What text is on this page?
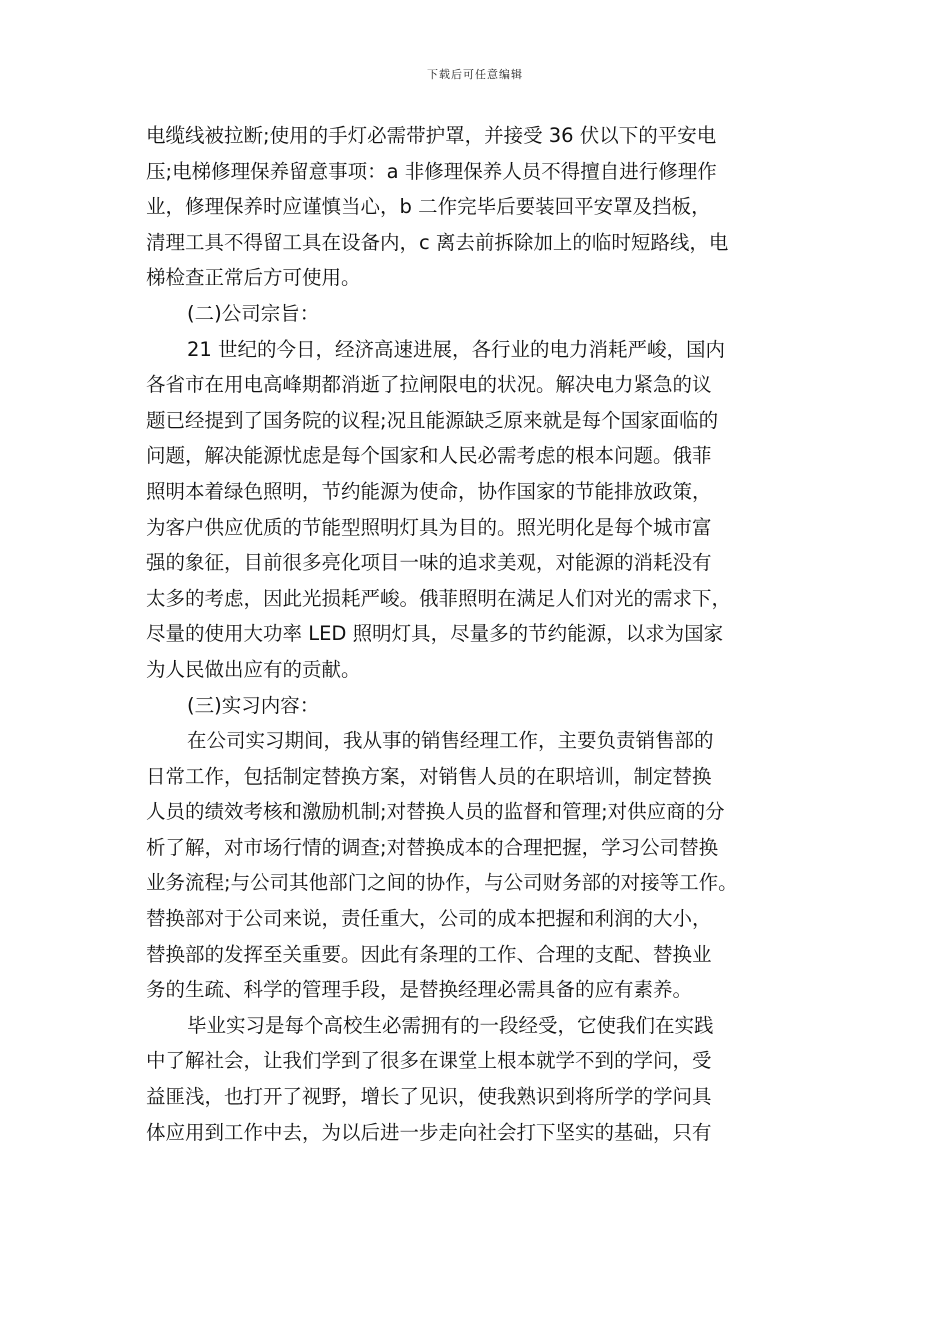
下载后可任意编辑
电缆线被拉断;使用的手灯必需带护罩，并接受 36 伏以下的平安电
压;电梯修理保养留意事项：a 非修理保养人员不得擅自进行修理作
业，修理保养时应谨慎当心，b 二作完毕后要装回平安罩及挡板，
清理工具不得留工具在设备内，c 离去前拆除加上的临时短路线，电
梯检查正常后方可使用。
(二)公司宗旨：
21 世纪的今日，经济高速进展，各行业的电力消耗严峻，国内
各省市在用电高峰期都消逝了拉闸限电的状况。解决电力紧急的议
题已经提到了国务院的议程;况且能源缺乏原来就是每个国家面临的
问题，解决能源忧虑是每个国家和人民必需考虑的根本问题。俄菲
照明本着绿色照明，节约能源为使命，协作国家的节能排放政策，
为客户供应优质的节能型照明灯具为目的。照光明化是每个城市富
强的象征，目前很多亮化项目一味的追求美观，对能源的消耗没有
太多的考虑，因此光损耗严峻。俄菲照明在满足人们对光的需求下，
尽量的使用大功率 LED 照明灯具，尽量多的节约能源，以求为国家
为人民做出应有的贡献。
(三)实习内容：
在公司实习期间，我从事的销售经理工作，主要负责销售部的
日常工作，包括制定替换方案，对销售人员的在职培训，制定替换
人员的绩效考核和激励机制;对替换人员的监督和管理;对供应商的分
析了解，对市场行情的调查;对替换成本的合理把握，学习公司替换
业务流程;与公司其他部门之间的协作，与公司财务部的对接等工作。
替换部对于公司来说，责任重大，公司的成本把握和利润的大小，
替换部的发挥至关重要。因此有条理的工作、合理的支配、替换业
务的生疏、科学的管理手段，是替换经理必需具备的应有素养。
毕业实习是每个高校生必需拥有的一段经受，它使我们在实践
中了解社会，让我们学到了很多在课堂上根本就学不到的学问，受
益匪浅，也打开了视野，增长了见识，使我熟识到将所学的学问具
体应用到工作中去，为以后进一步走向社会打下坚实的基础，只有
